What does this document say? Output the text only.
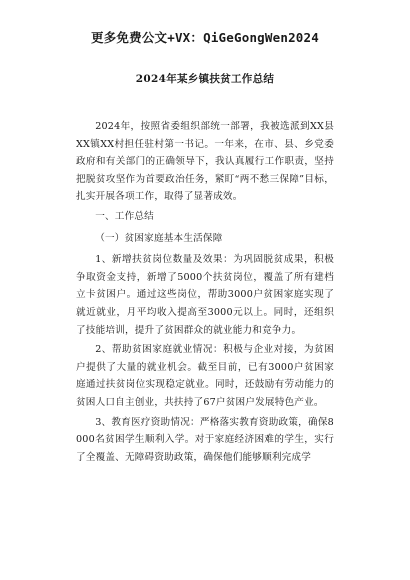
更多免费公文+VX：QiGeGongWen2024
2024年某乡镇扶贫工作总结

2024年，按照省委组织部统一部署，我被选派到XX县XX镇XX村担任驻村第一书记。一年来，在市、县、乡党委政府和有关部门的正确领导下，我认真履行工作职责，坚持把脱贫攻坚作为首要政治任务，紧盯“两不愁三保障”目标，扎实开展各项工作，取得了显著成效。

一、工作总结

（一）贫困家庭基本生活保障

1、新增扶贫岗位数量及效果：为巩固脱贫成果，积极争取资金支持，新增了5000个扶贫岗位，覆盖了所有建档立卡贫困户。通过这些岗位，帮助3000户贫困家庭实现了就近就业，月平均收入提高至3000元以上。同时，还组织了技能培训，提升了贫困群众的就业能力和竞争力。

2、帮助贫困家庭就业情况：积极与企业对接，为贫困户提供了大量的就业机会。截至目前，已有3000户贫困家庭通过扶贫岗位实现稳定就业。同时，还鼓励有劳动能力的贫困人口自主创业，共扶持了67户贫困户发展特色产业。

3、教育医疗资助情况：严格落实教育资助政策，确保8000名贫困学生顺利入学。对于家庭经济困难的学生，实行了全覆盖、无障碍资助政策，确保他们能够顺利完成学
